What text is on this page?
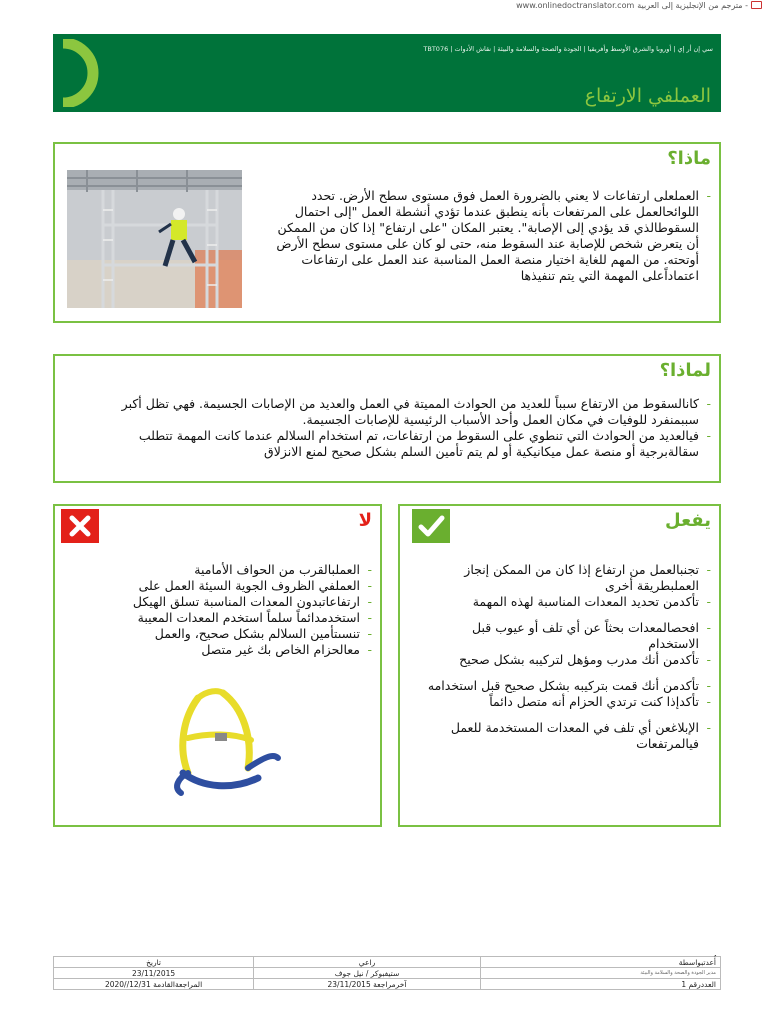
www.onlinedoctranslator.com مترجم من الإنجليزية إلى العربية -
سي إن أر إي | أوروبا والشرق الأوسط وأفريقيا | الجودة والصحة والسلامة والبيئة | نقاش الأدوات | TBT076
العملفي الارتفاع
ماذا؟
- العملعلى ارتفاعات لا يعني بالضرورة العمل فوق مستوى سطح الأرض. تحدد اللوائحالعمل على المرتفعات بأنه ينطبق عندما تؤدي أنشطة العمل "إلى احتمال السقوطالذي قد يؤدي إلى الإصابة". يعتبر المكان "على ارتفاع" إذا كان من الممكن أن يتعرض شخص للإصابة عند السقوط منه، حتى لو كان على مستوى سطح الأرض أوتحته. من المهم للغاية اختيار منصة العمل المناسبة عند العمل على ارتفاعات اعتماداًعلى المهمة التي يتم تنفيذها
لماذا؟
- كانالسقوط من الارتفاع سبباً للعديد من الحوادث المميتة في العمل والعديد من الإصابات الجسيمة. فهي تظل أكبر سببمنفرد للوفيات في مكان العمل وأحد الأسباب الرئيسية للإصابات الجسيمة.
- فيالعديد من الحوادث التي تنطوي على السقوط من ارتفاعات، تم استخدام السلالم عندما كانت المهمة تتطلب سقالةبرجية أو منصة عمل ميكانيكية أو لم يتم تأمين السلم بشكل صحيح لمنع الانزلاق
لا
- العملبالقرب من الحواف الأمامية
- العملفي الظروف الجوية السيئة العمل على
- ارتفاعاتبدون المعدات المناسبة تسلق الهيكل
- استخدمدائماً سلماً استخدم المعدات المعيبة
- تنسىتأمين السلالم بشكل صحيح، والعمل
- معالحزام الخاص بك غير متصل
يفعل
- تجنبالعمل من ارتفاع إذا كان من الممكن إنجاز العملبطريقة أخرى
- تأكدمن تحديد المعدات المناسبة لهذه المهمة
- افحصالمعدات بحثاً عن أي تلف أو عيوب قبل الاستخدام
- تأكدمن أنك مدرب ومؤهل لتركيبه بشكل صحيح
- تأكدمن أنك قمت بتركيبه بشكل صحيح قبل استخدامه
- تأكدإذا كنت ترتدي الحزام أنه متصل دائماً
- الإبلاغعن أي تلف في المعدات المستخدمة للعمل فيالمرتفعات
أُعدتبواسطة	راعي	تاريخ
مدير الجودة والصحة والسلامة والبيئة	ستيفبوكر / نيل جوف	23/11/2015
العددرقم 1	آخرمراجعة 23/11/2015	المراجعةالقادمة 12/31//2020
